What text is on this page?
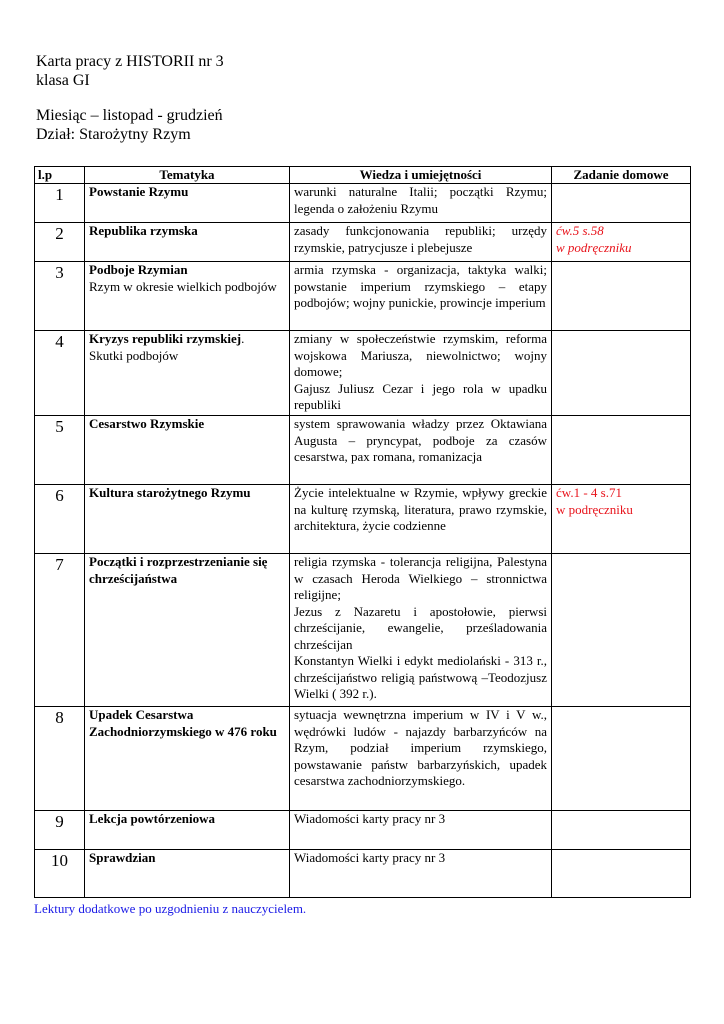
Karta pracy z HISTORII nr 3
klasa GI
Miesiąc – listopad - grudzień
Dział: Starożytny Rzym
l.p	Tematyka	Wiedza i umiejętności	Zadanie domowe
1	Powstanie Rzymu	warunki naturalne Italii; początki Rzymu; legenda o założeniu Rzymu	

2	Republika rzymska	zasady funkcjonowania republiki; urzędy rzymskie, patrycjusze i plebejusze	ćw.5 s.58
w podręczniku

3	Podboje Rzymian
Rzym w okresie wielkich podbojów	armia rzymska - organizacja, taktyka walki; powstanie imperium rzymskiego – etapy podbojów; wojny punickie, prowincje imperium	

4	Kryzys republiki rzymskiej.
Skutki podbojów	zmiany w społeczeństwie rzymskim, reforma wojskowa Mariusza, niewolnictwo; wojny domowe;
Gajusz Juliusz Cezar i jego rola w upadku republiki	

5	Cesarstwo Rzymskie	system sprawowania władzy przez Oktawiana Augusta – pryncypat, podboje za czasów cesarstwa, pax romana, romanizacja	

6	Kultura starożytnego Rzymu	Życie intelektualne w Rzymie, wpływy greckie na kulturę rzymską, literatura, prawo rzymskie, architektura, życie codzienne	ćw.1 - 4 s.71
w podręczniku

7	Początki i rozprzestrzenianie się chrześcijaństwa	religia rzymska - tolerancja religijna, Palestyna w czasach Heroda Wielkiego – stronnictwa religijne;
Jezus z Nazaretu i apostołowie, pierwsi chrześcijanie, ewangelie, prześladowania chrześcijan
Konstantyn Wielki i edykt mediolański - 313 r., chrześcijaństwo religią państwową –Teodozjusz Wielki ( 392 r.).	

8	Upadek Cesarstwa Zachodniorzymskiego w 476 roku	sytuacja wewnętrzna imperium w IV i V w., wędrówki ludów - najazdy barbarzyńców na Rzym, podział imperium rzymskiego, powstawanie państw barbarzyńskich, upadek cesarstwa zachodniorzymskiego.	

9	Lekcja powtórzeniowa	Wiadomości karty pracy nr 3	

10	Sprawdzian	Wiadomości karty pracy nr 3	

Lektury dodatkowe po uzgodnieniu z nauczycielem.
